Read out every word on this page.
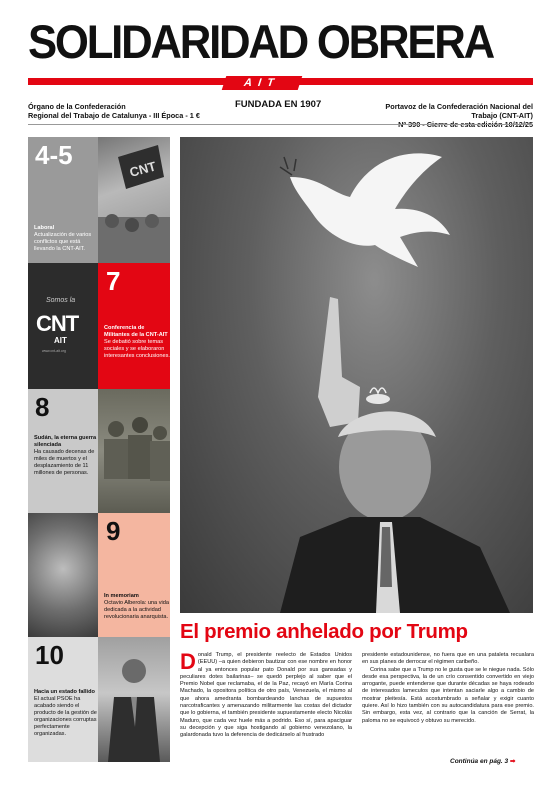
SOLIDARIDAD OBRERA
AIT
Órgano de la Confederación
Regional del Trabajo de Catalunya - III Época - 1 €
FUNDADA EN 1907	Portavoz de la Confederación Nacional del Trabajo (CNT-AIT)
CNT
4-5
Laboral
Actualización de varios conflictos que está llevando la CNT-AIT.
Somos la
CNT
AIT
www.cnt-ait.org
7
Conferencia de Militantes de la CNT-AIT
Se debatió sobre temas sociales y se elaboraron interesantes conclusiones.
8
Sudán, la eterna guerra silenciada
Ha causado decenas de miles de muertos y el desplazamiento de 11 millones de personas.
9
In memoriam
Octavio Alberola: una vida dedicada a la actividad revolucionaria anarquista.
10
Hacia un estado fallido
El actual PSOE ha acabado siendo el producto de la gestión de organizaciones corruptas perfectamente organizadas.
El premio anhelado por Trump
Donald Trump, el presidente reelecto de Estados Unidos (EEUU) –a quien debieron bautizar con ese nombre en honor al ya entonces popular pato Donald por sus gansadas y peculiares dotes bailarinas– se quedó perplejo al saber que el Premio Nobel que reclamaba, el de la Paz, recayó en María Corina Machado, la opositora política de otro país, Venezuela, el mismo al que ahora amedranta bombardeando lanchas de supuestos narcotraficantes y amenazando militarmente las costas del dictador que lo gobierna, el también presidente supuestamente electo Nicolás Maduro, que cada vez huele más a podrido. Eso sí, para apaciguar su decepción y que siga hostigando al gobierno venezolano, la galardonada tuvo la deferencia de dedicárselo al frustrado

presidente estadounidense, no fuera que en una pataleta recualara en sus planes de derrocar el régimen caribeño.

Corina sabe que a Trump no le gusta que se le niegue nada. Sólo desde esa perspectiva, la de un crío consentido convertido en viejo arrogante, puede entenderse que durante décadas se haya rodeado de interesados lameculos que intentan saciarle algo a cambio de mostrar pleitesía. Está acostumbrado a señalar y exigir cuanto quiere. Así lo hizo también con su autocandidatura para ese premio. Sin embargo, esta vez, al contrario que la canción de Serrat, la paloma no se equivocó y obtuvo su merecido.

Continúa en pág. 3 ➡
